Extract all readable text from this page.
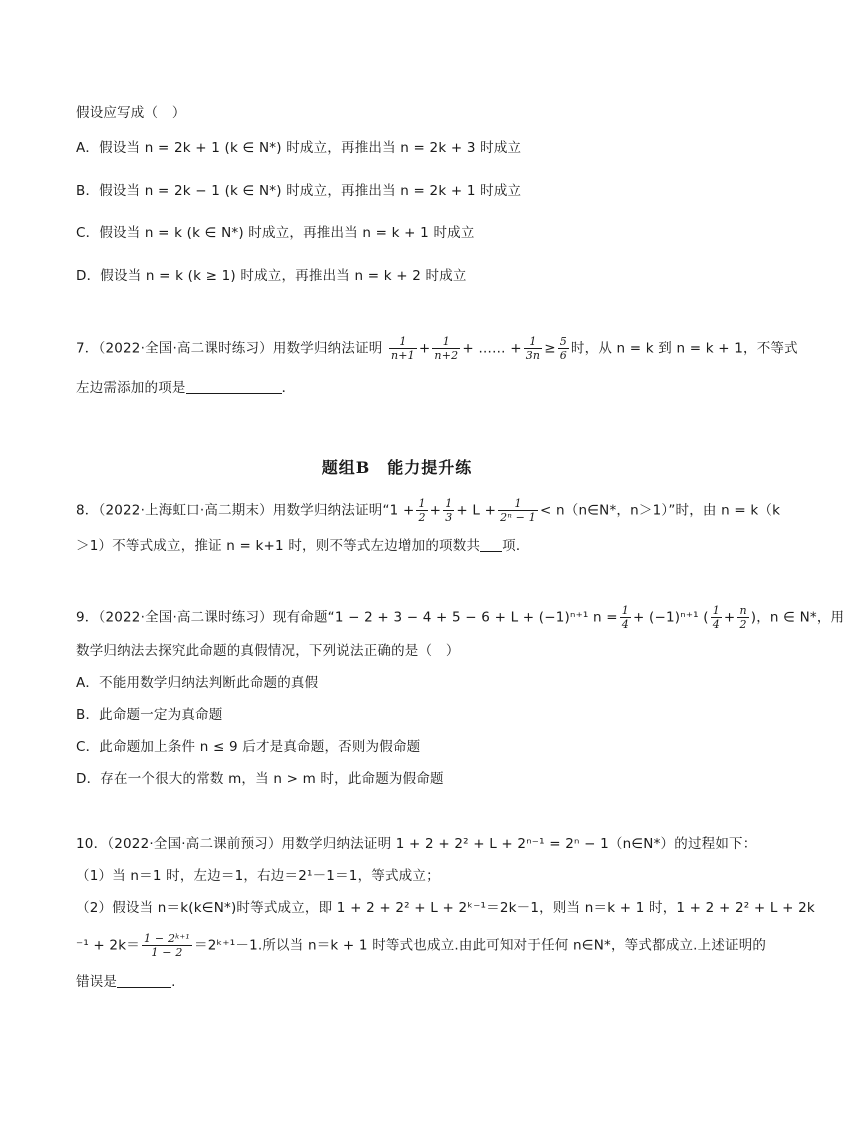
假设应写成（　）
A．假设当 n = 2k + 1 (k ∈ N*) 时成立，再推出当 n = 2k + 3 时成立
B．假设当 n = 2k − 1 (k ∈ N*) 时成立，再推出当 n = 2k + 1 时成立
C．假设当 n = k (k ∈ N*) 时成立，再推出当 n = k + 1 时成立
D．假设当 n = k (k ≥ 1) 时成立，再推出当 n = k + 2 时成立
7．（2022·全国·高二课时练习）用数学归纳法证明 $\frac{1}{n+1} + \frac{1}{n+2}$ + …… + $\frac{1}{3n} \ge \frac{5}{6}$ 时，从 n = k 到 n = k + 1，不等式
左边需添加的项是	．
题组B　能力提升练
8．（2022·上海虹口·高二期末）用数学归纳法证明“$1 + \frac{1}{2} + \frac{1}{3} + L + \frac{1}{\text{2ⁿ − 1}}$ < n（n∈N*，n＞1）”时，由 n = k（k
＞1）不等式成立，推证 n = k+1 时，则不等式左边增加的项数共 项．
9．（2022·全国·高二课时练习）现有命题“1 − 2 + 3 − 4 + 5 − 6 + L + (−1)ⁿ⁺¹ $n = \frac{1}{4} + (-1)^{n+1}$ ( $\frac{1}{4} + \frac{n}{2}$ )，n ∈ N*，用
数学归纳法去探究此命题的真假情况，下列说法正确的是（　）
A．不能用数学归纳法判断此命题的真假
B．此命题一定为真命题
C．此命题加上条件 n ≤ 9 后才是真命题，否则为假命题
D．存在一个很大的常数 m，当 n > m 时，此命题为假命题
10．（2022·全国·高二课前预习）用数学归纳法证明 1 + 2 + 2² + L + 2ⁿ⁻¹ = 2ⁿ − 1（n∈N*）的过程如下：
（1）当 n＝1 时，左边＝1，右边＝2¹－1＝1，等式成立；
（2）假设当 n＝k(k∈N*)时等式成立，即 1 + 2 + 2² + L + 2ᵏ⁻¹＝2k－1，则当 n＝k + 1 时，1 + 2 + 2² + L + 2k
$^{-1} + 2k= \frac{\text{1 − 2ᵏ⁺¹}}{1 - 2}$ ＝2ᵏ⁺¹－1.所以当 n＝k + 1 时等式也成立.由此可知对于任何 n∈N*，等式都成立.上述证明的
错误是	.
